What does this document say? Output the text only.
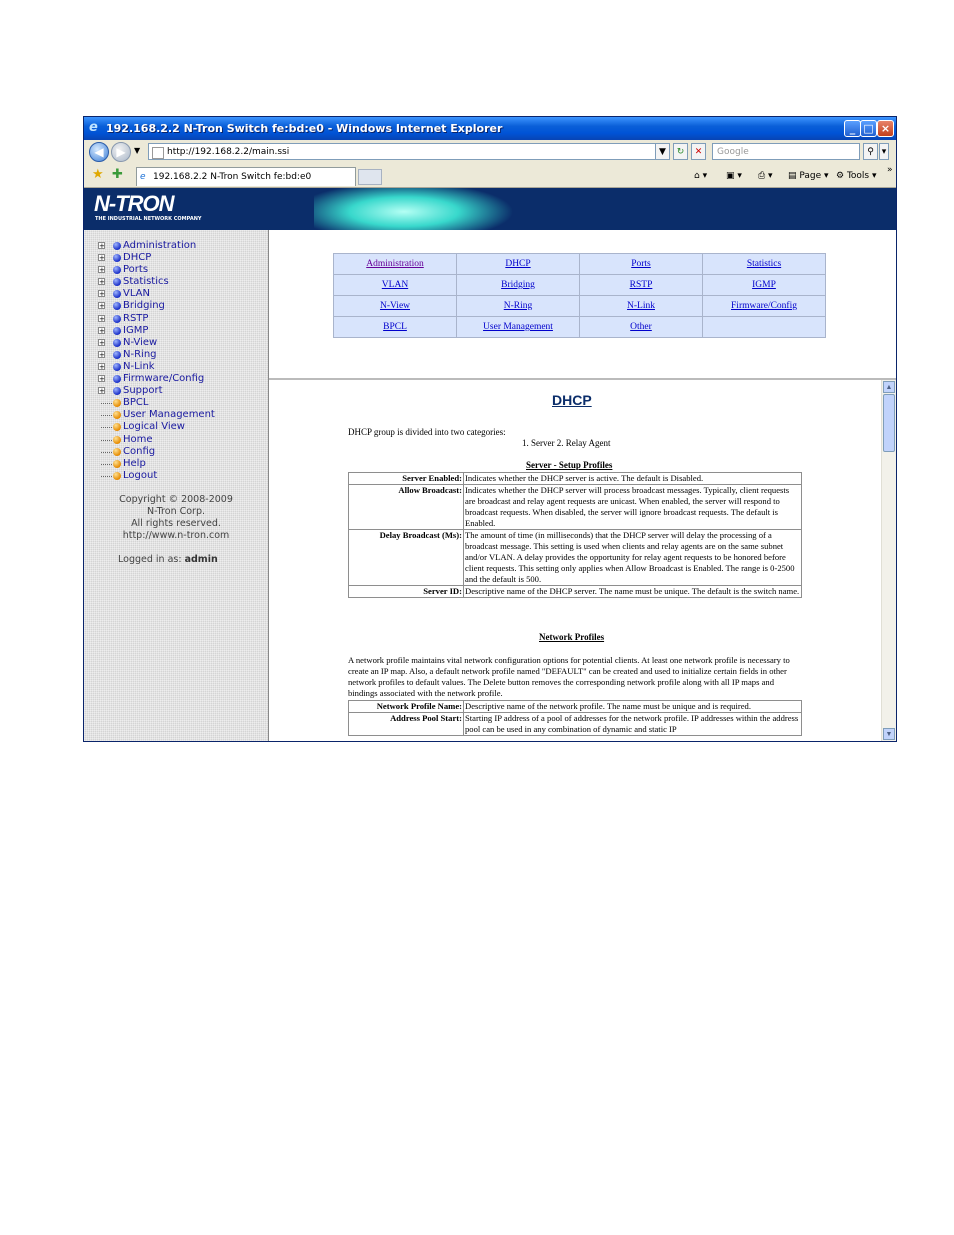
e 192.168.2.2 N-Tron Switch fe:bd:e0 - Windows Internet Explorer	_ □ ×
◀	▶	▼	http://192.168.2.2/main.ssi	▼	↻	✕	Google	⚲ ▾
★ ✚ e 192.168.2.2 N-Tron Switch fe:bd:e0	⌂ ▾ ▣ ▾ ⎙ ▾ ▤ Page ▾ ⚙ Tools ▾
»
N-TRON
THE INDUSTRIAL NETWORK COMPANY
+ Administration
+ DHCP
+ Ports
+ Statistics
+ VLAN
+ Bridging
+ RSTP
+ IGMP
+ N-View
+ N-Ring
+ N-Link
+ Firmware/Config
+ Support
BPCL
User Management
Logical View
Home
Config
Help
Logout
Copyright © 2008-2009
N-Tron Corp.
All rights reserved.
http://www.n-tron.com
Logged in as: admin
Administration	DHCP	Ports	Statistics
VLAN	Bridging	RSTP	IGMP
N-View	N-Ring	N-Link	Firmware/Config
BPCL	User Management	Other	
DHCP
DHCP group is divided into two categories:
1. Server 2. Relay Agent
Server - Setup Profiles
Server Enabled:	Indicates whether the DHCP server is active. The default is Disabled.
Allow Broadcast:	Indicates whether the DHCP server will process broadcast messages. Typically, client requests are broadcast and relay agent requests are unicast. When enabled, the server will respond to broadcast requests. When disabled, the server will ignore broadcast requests. The default is Enabled.
Delay Broadcast (Ms):	The amount of time (in milliseconds) that the DHCP server will delay the processing of a broadcast message. This setting is used when clients and relay agents are on the same subnet and/or VLAN. A delay provides the opportunity for relay agent requests to be honored before client requests. This setting only applies when Allow Broadcast is Enabled. The range is 0-2500 and the default is 500.
Server ID:	Descriptive name of the DHCP server. The name must be unique. The default is the switch name.
Network Profiles
A network profile maintains vital network configuration options for potential clients. At least one network profile is necessary to create an IP map. Also, a default network profile named "DEFAULT" can be created and used to initialize certain fields in other network profiles to default values. The Delete button removes the corresponding network profile along with all IP maps and bindings associated with the network profile.
Network Profile Name:	Descriptive name of the network profile. The name must be unique and is required.
Address Pool Start:	Starting IP address of a pool of addresses for the network profile. IP addresses within the address pool can be used in any combination of dynamic and static IP
▲
▼
